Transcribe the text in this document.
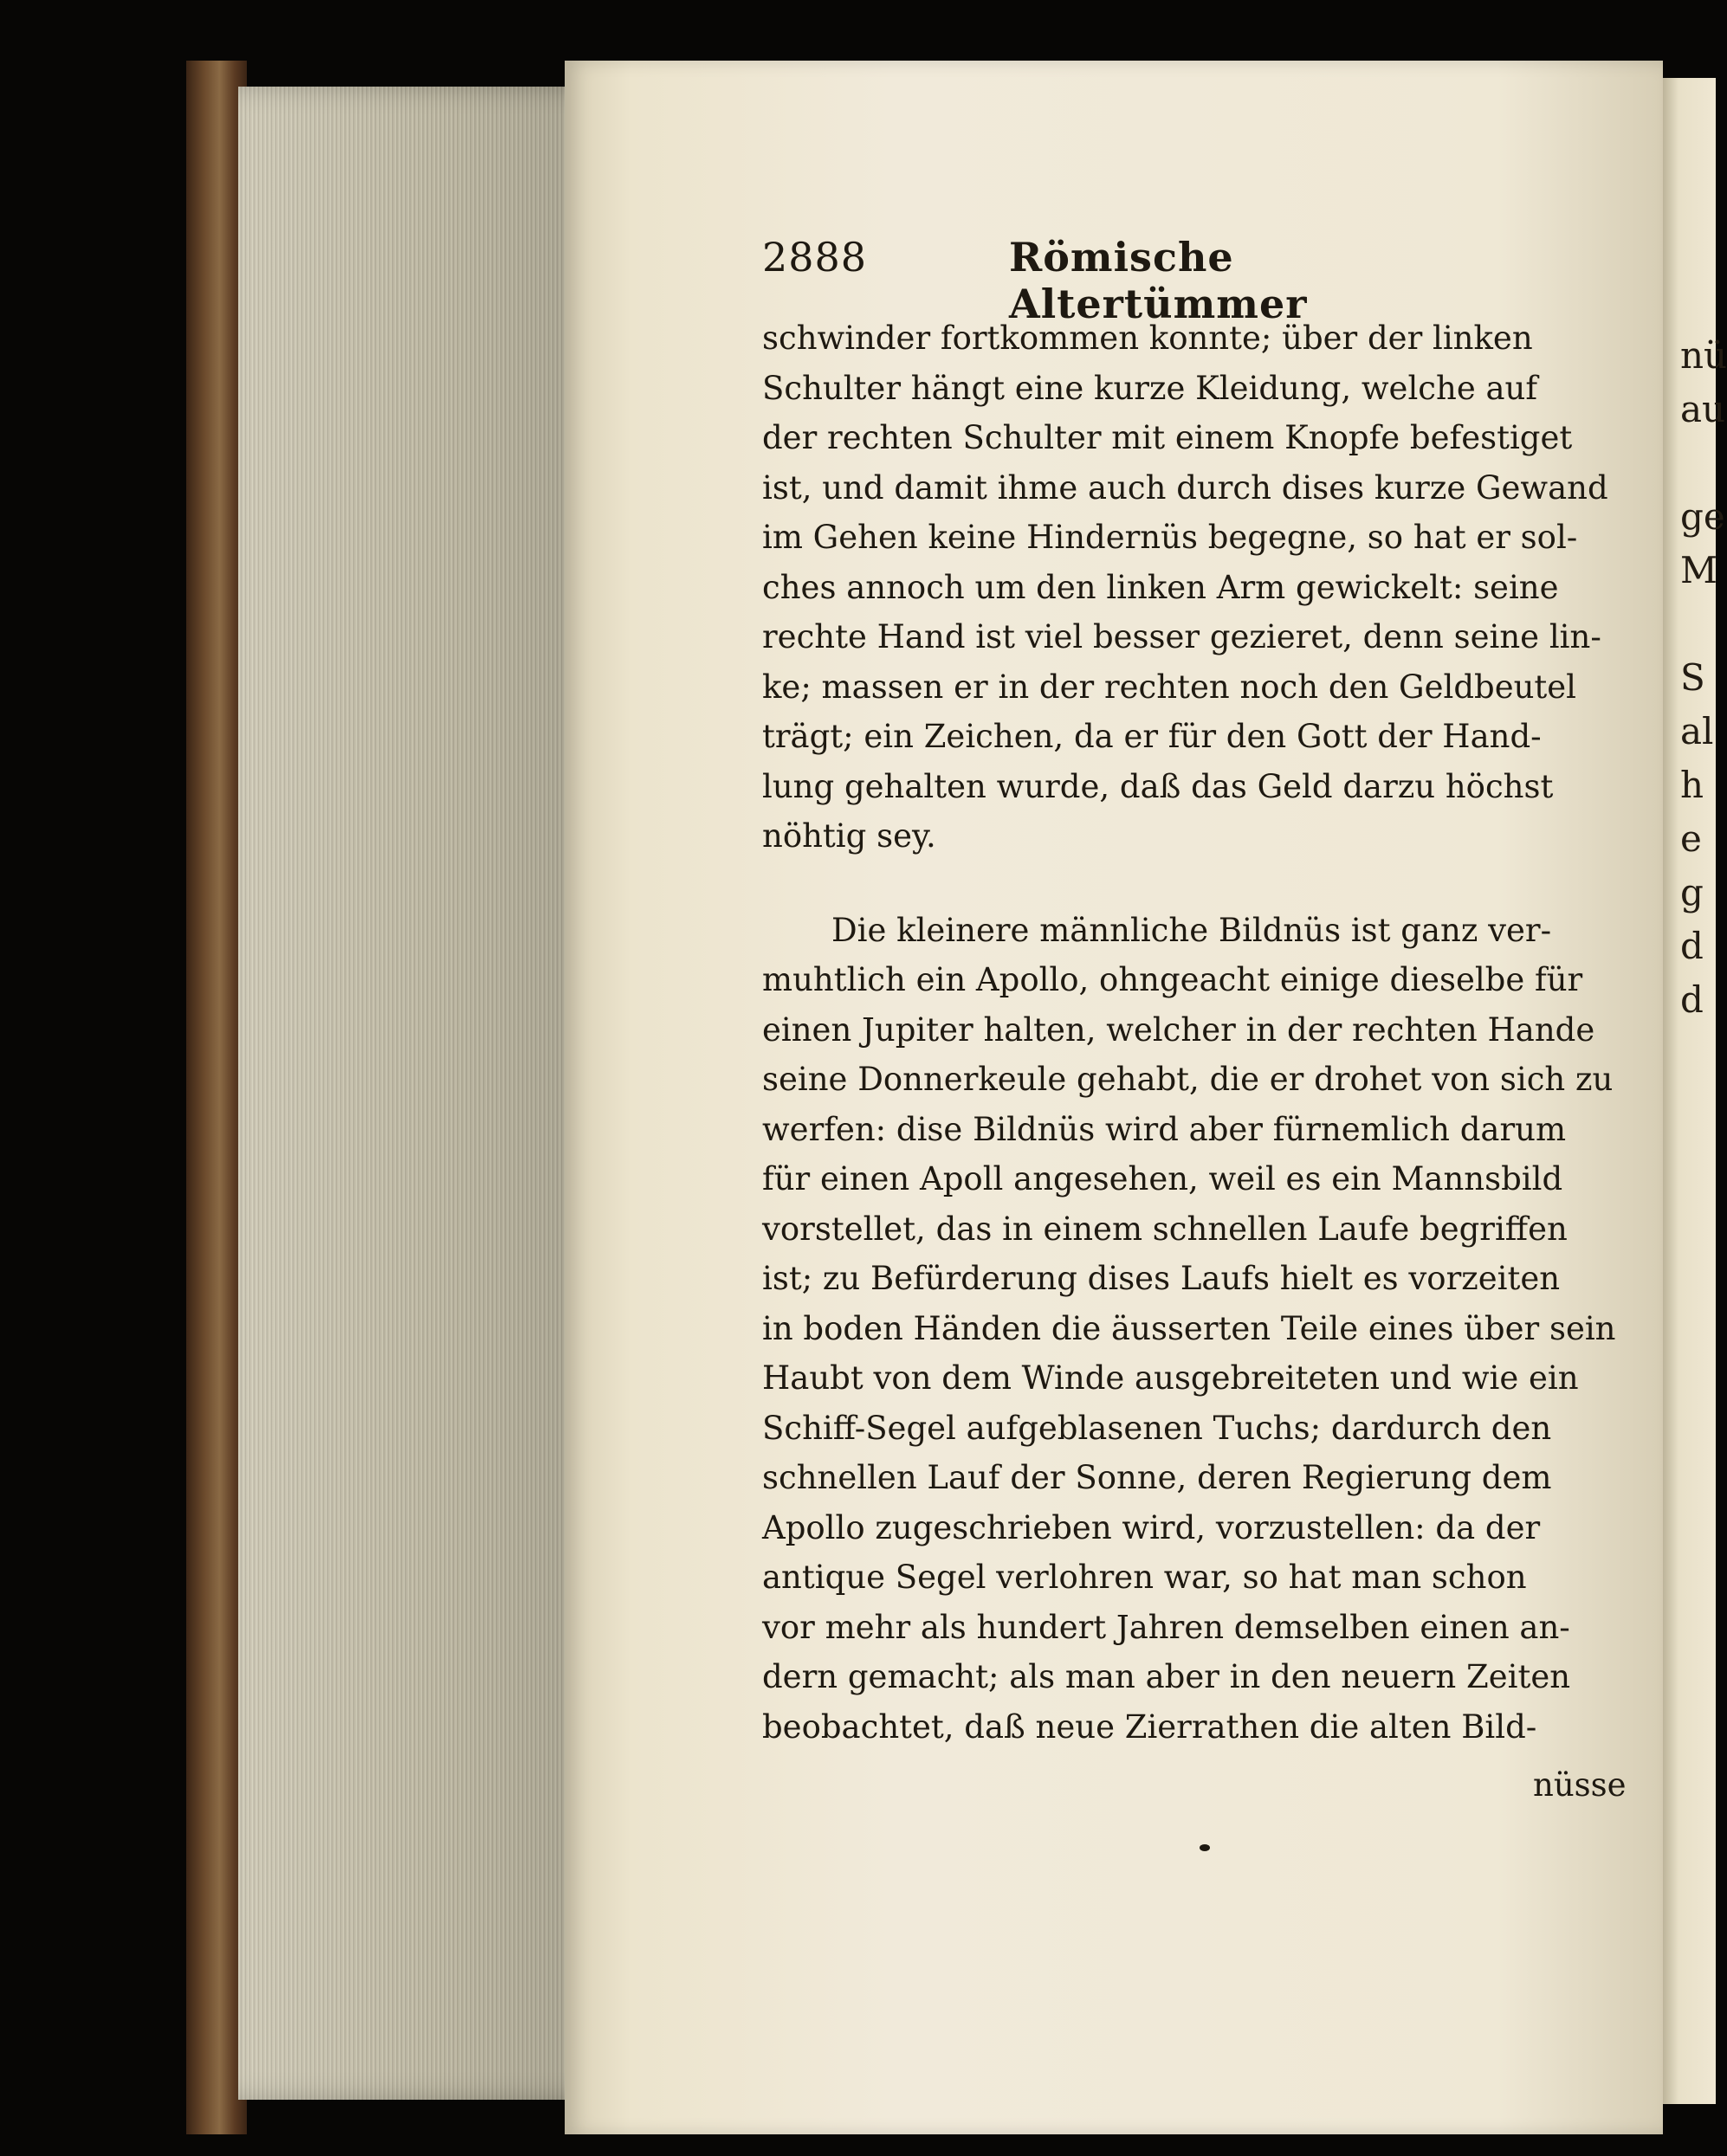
nü
au

ge
M

S
al
h
e
g
d
d
2888	Römische Altertümmer
schwinder fortkommen konnte; über der linken
Schulter hängt eine kurze Kleidung, welche auf
der rechten Schulter mit einem Knopfe befestiget
ist, und damit ihme auch durch dises kurze Gewand
im Gehen keine Hindernüs begegne, so hat er sol-
ches annoch um den linken Arm gewickelt: seine
rechte Hand ist viel besser gezieret, denn seine lin-
ke; massen er in der rechten noch den Geldbeutel
trägt; ein Zeichen, da er für den Gott der Hand-
lung gehalten wurde, daß das Geld darzu höchst
nöhtig sey.
Die kleinere männliche Bildnüs ist ganz ver-
muhtlich ein Apollo, ohngeacht einige dieselbe für
einen Jupiter halten, welcher in der rechten Hande
seine Donnerkeule gehabt, die er drohet von sich zu
werfen: dise Bildnüs wird aber fürnemlich darum
für einen Apoll angesehen, weil es ein Mannsbild
vorstellet, das in einem schnellen Laufe begriffen
ist; zu Befürderung dises Laufs hielt es vorzeiten
in boden Händen die äusserten Teile eines über sein
Haubt von dem Winde ausgebreiteten und wie ein
Schiff-Segel aufgeblasenen Tuchs; dardurch den
schnellen Lauf der Sonne, deren Regierung dem
Apollo zugeschrieben wird, vorzustellen: da der
antique Segel verlohren war, so hat man schon
vor mehr als hundert Jahren demselben einen an-
dern gemacht; als man aber in den neuern Zeiten
beobachtet, daß neue Zierrathen die alten Bild-
nüsse
